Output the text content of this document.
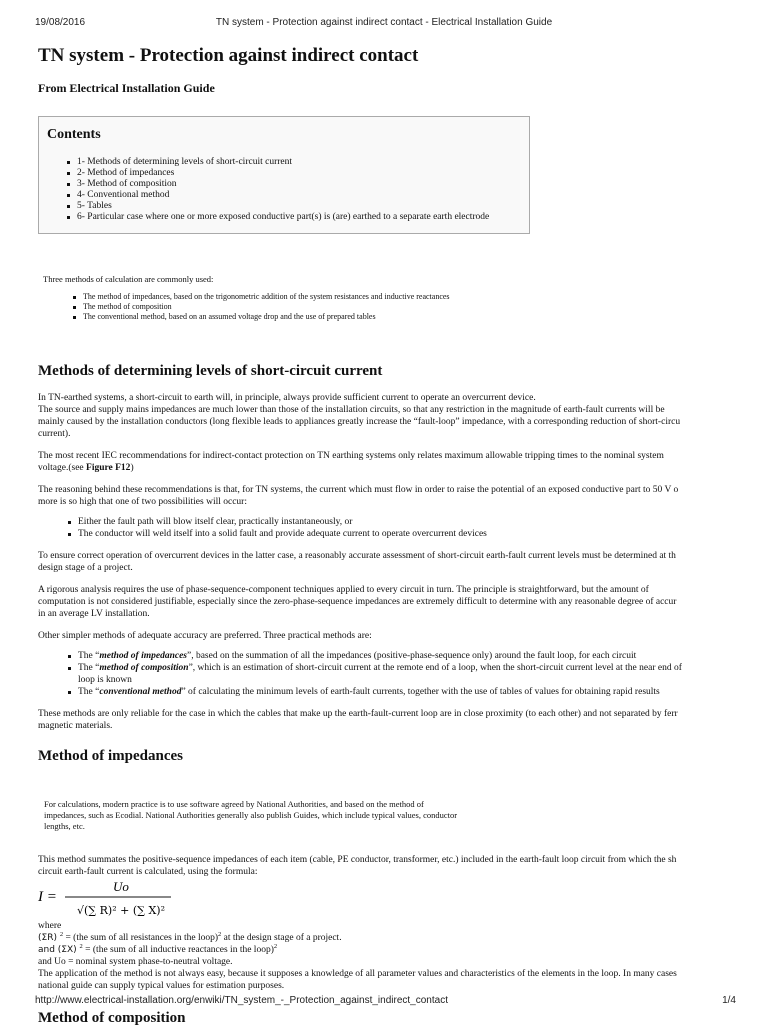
19/08/2016	TN system - Protection against indirect contact - Electrical Installation Guide
TN system - Protection against indirect contact
From Electrical Installation Guide
Contents
1- Methods of determining levels of short-circuit current
2- Method of impedances
3- Method of composition
4- Conventional method
5- Tables
6- Particular case where one or more exposed conductive part(s) is (are) earthed to a separate earth electrode

Three methods of calculation are commonly used:

The method of impedances, based on the trigonometric addition of the system resistances and inductive reactances
The method of composition
The conventional method, based on an assumed voltage drop and the use of prepared tables
Methods of determining levels of short-circuit current

In TN-earthed systems, a short-circuit to earth will, in principle, always provide sufficient current to operate an overcurrent device.
The source and supply mains impedances are much lower than those of the installation circuits, so that any restriction in the magnitude of earth-fault currents will be
mainly caused by the installation conductors (long flexible leads to appliances greatly increase the “fault-loop” impedance, with a corresponding reduction of short-circu
current).

The most recent IEC recommendations for indirect-contact protection on TN earthing systems only relates maximum allowable tripping times to the nominal system
voltage.(see Figure F12)

The reasoning behind these recommendations is that, for TN systems, the current which must flow in order to raise the potential of an exposed conductive part to 50 V o
more is so high that one of two possibilities will occur:

Either the fault path will blow itself clear, practically instantaneously, or
The conductor will weld itself into a solid fault and provide adequate current to operate overcurrent devices

To ensure correct operation of overcurrent devices in the latter case, a reasonably accurate assessment of short-circuit earth-fault current levels must be determined at th
design stage of a project.

A rigorous analysis requires the use of phase-sequence-component techniques applied to every circuit in turn. The principle is straightforward, but the amount of
computation is not considered justifiable, especially since the zero-phase-sequence impedances are extremely difficult to determine with any reasonable degree of accur
in an average LV installation.

Other simpler methods of adequate accuracy are preferred. Three practical methods are:

The “method of impedances”, based on the summation of all the impedances (positive-phase-sequence only) around the fault loop, for each circuit
The “method of composition”, which is an estimation of short-circuit current at the remote end of a loop, when the short-circuit current level at the near end of
loop is known
The “conventional method” of calculating the minimum levels of earth-fault currents, together with the use of tables of values for obtaining rapid results

These methods are only reliable for the case in which the cables that make up the earth-fault-current loop are in close proximity (to each other) and not separated by ferr
magnetic materials.

Method of impedances
For calculations, modern practice is to use software agreed by National Authorities, and based on the method of
impedances, such as Ecodial. National Authorities generally also publish Guides, which include typical values, conductor
lengths, etc.
This method summates the positive-sequence impedances of each item (cable, PE conductor, transformer, etc.) included in the earth-fault loop circuit from which the sh
circuit earth-fault current is calculated, using the formula:
I =
Uo
√(∑ R)² + (∑ X)²
where
(ΣR) $^2$ = (the sum of all resistances in the loop)$^2$ at the design stage of a project.
and (ΣX) $^2$ = (the sum of all inductive reactances in the loop)$^2$
and Uo = nominal system phase-to-neutral voltage.
The application of the method is not always easy, because it supposes a knowledge of all parameter values and characteristics of the elements in the loop. In many cases
national guide can supply typical values for estimation purposes.
Method of composition
http://www.electrical-installation.org/enwiki/TN_system_-_Protection_against_indirect_contact	1/4
